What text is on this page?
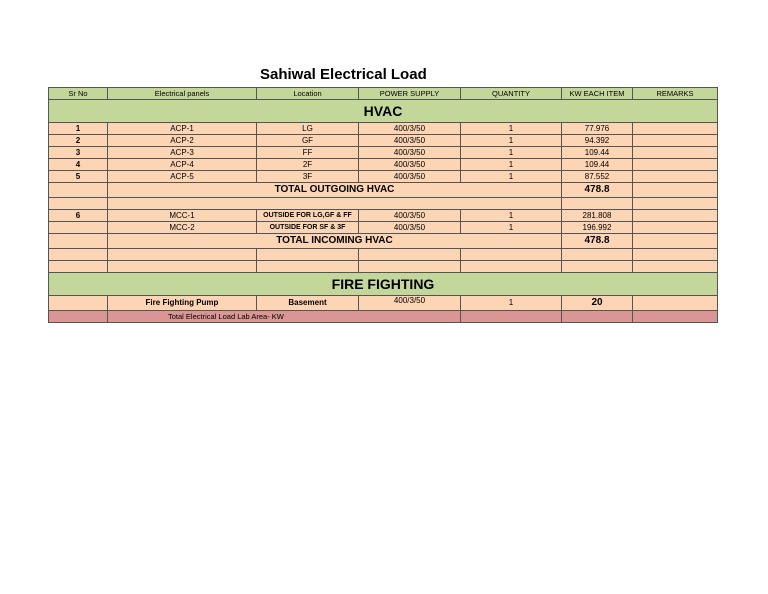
Sahiwal Electrical Load
Sr No	Electrical panels	Location	POWER SUPPLY	QUANTITY	KW EACH ITEM	REMARKS
HVAC						
1	ACP-1	LG	400/3/50	1	77.976	
2	ACP-2	GF	400/3/50	1	94.392	
3	ACP-3	FF	400/3/50	1	109.44	
4	ACP-4	2F	400/3/50	1	109.44	
5	ACP-5	3F	400/3/50	1	87.552	
	TOTAL OUTGOING HVAC				478.8	

6	MCC-1	OUTSIDE FOR LG,GF & FF	400/3/50	1	281.808	
	MCC-2	OUTSIDE FOR SF & 3F	400/3/50	1	196.992	
	TOTAL INCOMING HVAC				478.8	

FIRE FIGHTING						
	Fire Fighting Pump	Basement	400/3/50	1	20	
	Total Electrical Load Lab Area- KW					
